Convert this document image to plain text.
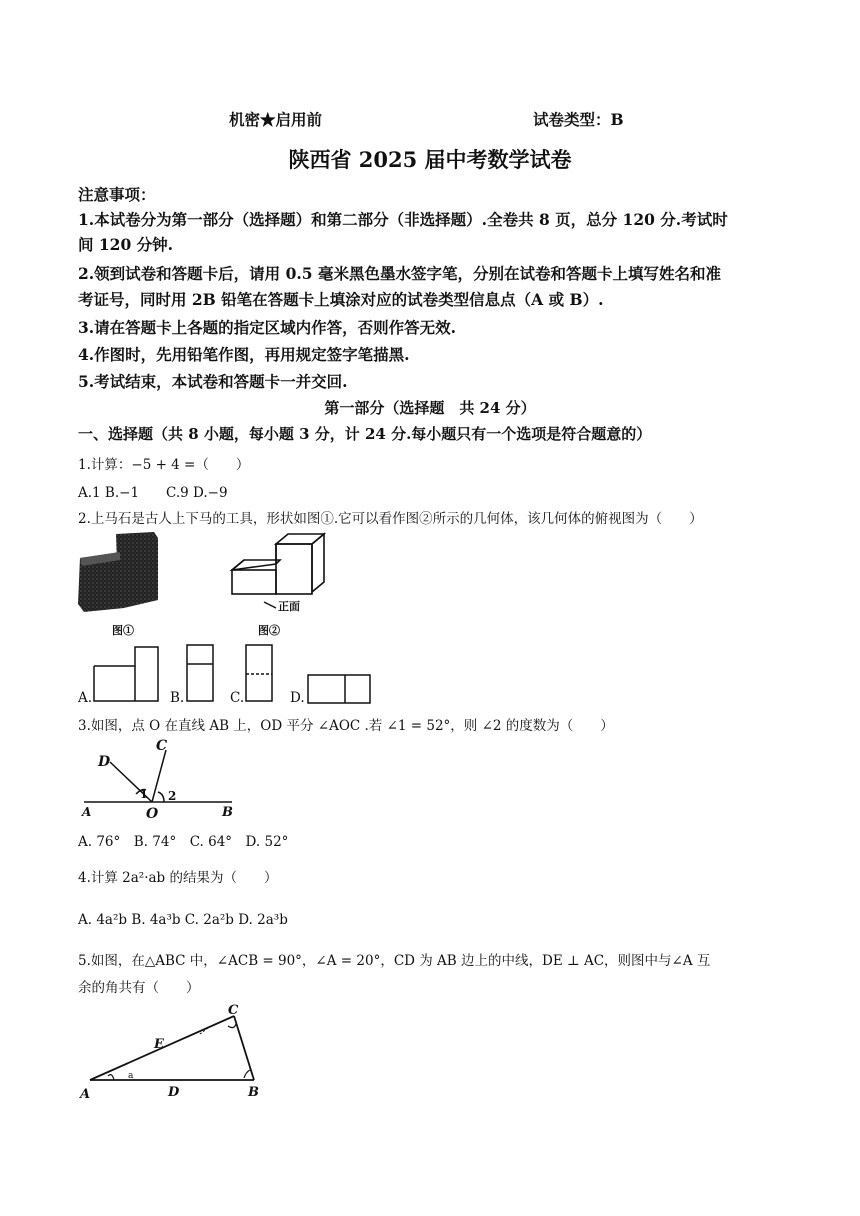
机密★启用前	试卷类型：B
陕西省 2025 届中考数学试卷
注意事项：
1.本试卷分为第一部分（选择题）和第二部分（非选择题）.全卷共 8 页，总分 120 分.考试时
间 120 分钟.
2.领到试卷和答题卡后，请用 0.5 毫米黑色墨水签字笔，分别在试卷和答题卡上填写姓名和准
考证号，同时用 2B 铅笔在答题卡上填涂对应的试卷类型信息点（A 或 B）.
3.请在答题卡上各题的指定区域内作答，否则作答无效.
4.作图时，先用铅笔作图，再用规定签字笔描黑.
5.考试结束，本试卷和答题卡一并交回.
第一部分（选择题　共 24 分）
一、选择题（共 8 小题，每小题 3 分，计 24 分.每小题只有一个选项是符合题意的）
1.计算：−5 + 4 =（　　）
A.1 B.−1　　C.9 D.−9
2.上马石是古人上下马的工具，形状如图①.它可以看作图②所示的几何体，该几何体的俯视图为（　　）
图①
正面
图②
A.	B.	C.	D.
3.如图，点 O 在直线 AB 上，OD 平分 ∠AOC .若 ∠1 = 52°，则 ∠2 的度数为（　　）
D
C
A	O	B
1 2
A. 76°　B. 74°　C. 64°　D. 52°
4.计算 2a²·ab 的结果为（　　）
A. 4a²b B. 4a³b C. 2a²b D. 2a³b
5.如图，在△ABC 中，∠ACB = 90°，∠A = 20°，CD 为 AB 边上的中线，DE ⊥ AC，则图中与∠A 互
余的角共有（　　）
C
E
A	D	B
a
